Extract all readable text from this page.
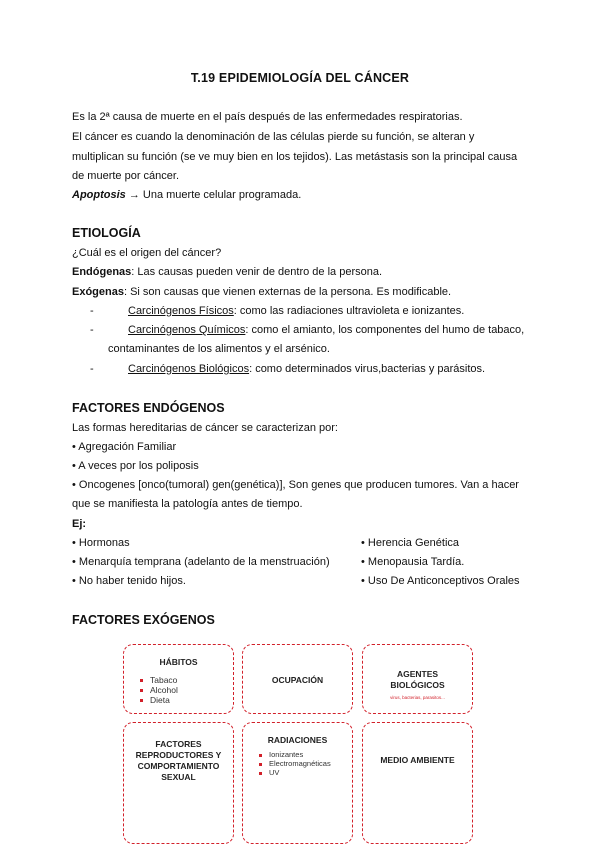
T.19 EPIDEMIOLOGÍA DEL CÁNCER
Es la 2ª causa de muerte en el país después de las enfermedades respiratorias.
El cáncer es cuando la denominación de las células pierde su función, se alteran y
multiplican su función (se ve muy bien en los tejidos). Las metástasis son la principal causa
de muerte por cáncer.
Apoptosis → Una muerte celular programada.
ETIOLOGÍA
¿Cuál es el origen del cáncer?
Endógenas: Las causas pueden venir de dentro de la persona.
Exógenas: Si son causas que vienen externas de la persona. Es modificable.
-	Carcinógenos Físicos: como las radiaciones ultravioleta e ionizantes.
-	Carcinógenos Químicos: como el amianto, los componentes del humo de tabaco,
contaminantes de los alimentos y el arsénico.
-	Carcinógenos Biológicos: como determinados virus,bacterias y parásitos.
FACTORES ENDÓGENOS
Las formas hereditarias de cáncer se caracterizan por:
• Agregación Familiar
• A veces por los poliposis
• Oncogenes [onco(tumoral) gen(genética)], Son genes que producen tumores. Van a hacer
que se manifiesta la patología antes de tiempo.
Ej:
• Hormonas
• Menarquía temprana (adelanto de la menstruación)
• No haber tenido hijos.
• Herencia Genética
• Menopausia Tardía.
• Uso De Anticonceptivos Orales
FACTORES EXÓGENOS
HÁBITOS
Tabaco
Alcohol
Dieta
OCUPACIÓN
AGENTES
BIOLÓGICOS
virus, bacterias, parasitos...
FACTORES
REPRODUCTORES Y
COMPORTAMIENTO
SEXUAL
RADIACIONES
Ionizantes
Electromagnéticas
UV
MEDIO AMBIENTE
